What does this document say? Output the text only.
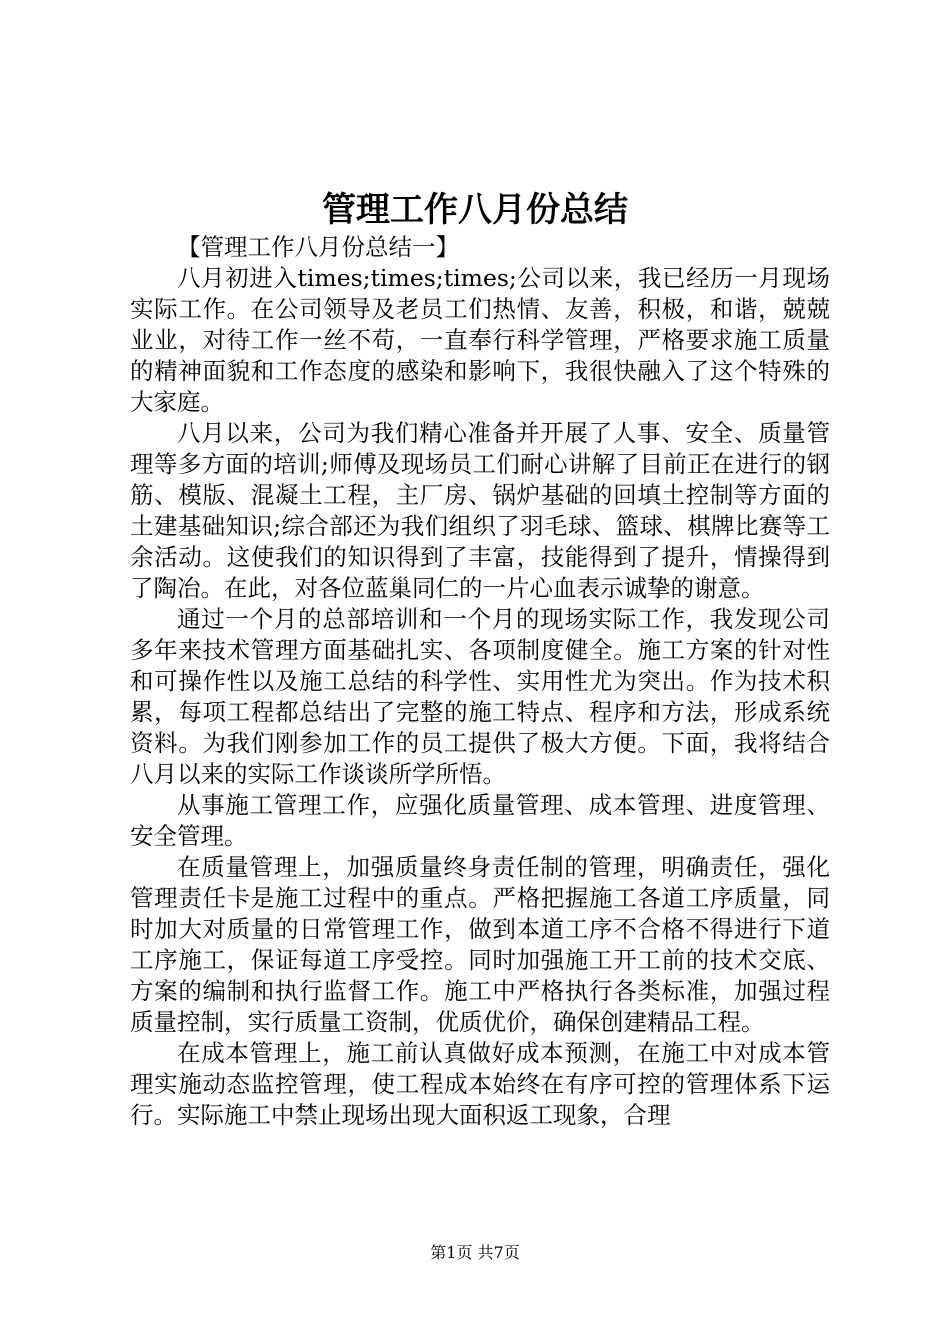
管理工作八月份总结

【管理工作八月份总结一】

八月初进入times;times;times;公司以来，我已经历一月现场实际工作。在公司领导及老员工们热情、友善，积极，和谐，兢兢业业，对待工作一丝不苟，一直奉行科学管理，严格要求施工质量的精神面貌和工作态度的感染和影响下，我很快融入了这个特殊的大家庭。

八月以来，公司为我们精心准备并开展了人事、安全、质量管理等多方面的培训;师傅及现场员工们耐心讲解了目前正在进行的钢筋、模版、混凝土工程，主厂房、锅炉基础的回填土控制等方面的土建基础知识;综合部还为我们组织了羽毛球、篮球、棋牌比赛等工余活动。这使我们的知识得到了丰富，技能得到了提升，情操得到了陶冶。在此，对各位蓝巢同仁的一片心血表示诚挚的谢意。

通过一个月的总部培训和一个月的现场实际工作，我发现公司多年来技术管理方面基础扎实、各项制度健全。施工方案的针对性和可操作性以及施工总结的科学性、实用性尤为突出。作为技术积累，每项工程都总结出了完整的施工特点、程序和方法，形成系统资料。为我们刚参加工作的员工提供了极大方便。下面，我将结合八月以来的实际工作谈谈所学所悟。

从事施工管理工作，应强化质量管理、成本管理、进度管理、安全管理。

在质量管理上，加强质量终身责任制的管理，明确责任，强化管理责任卡是施工过程中的重点。严格把握施工各道工序质量，同时加大对质量的日常管理工作，做到本道工序不合格不得进行下道工序施工，保证每道工序受控。同时加强施工开工前的技术交底、方案的编制和执行监督工作。施工中严格执行各类标准，加强过程质量控制，实行质量工资制，优质优价，确保创建精品工程。

在成本管理上，施工前认真做好成本预测，在施工中对成本管理实施动态监控管理，使工程成本始终在有序可控的管理体系下运行。实际施工中禁止现场出现大面积返工现象，合理

第1页 共7页
